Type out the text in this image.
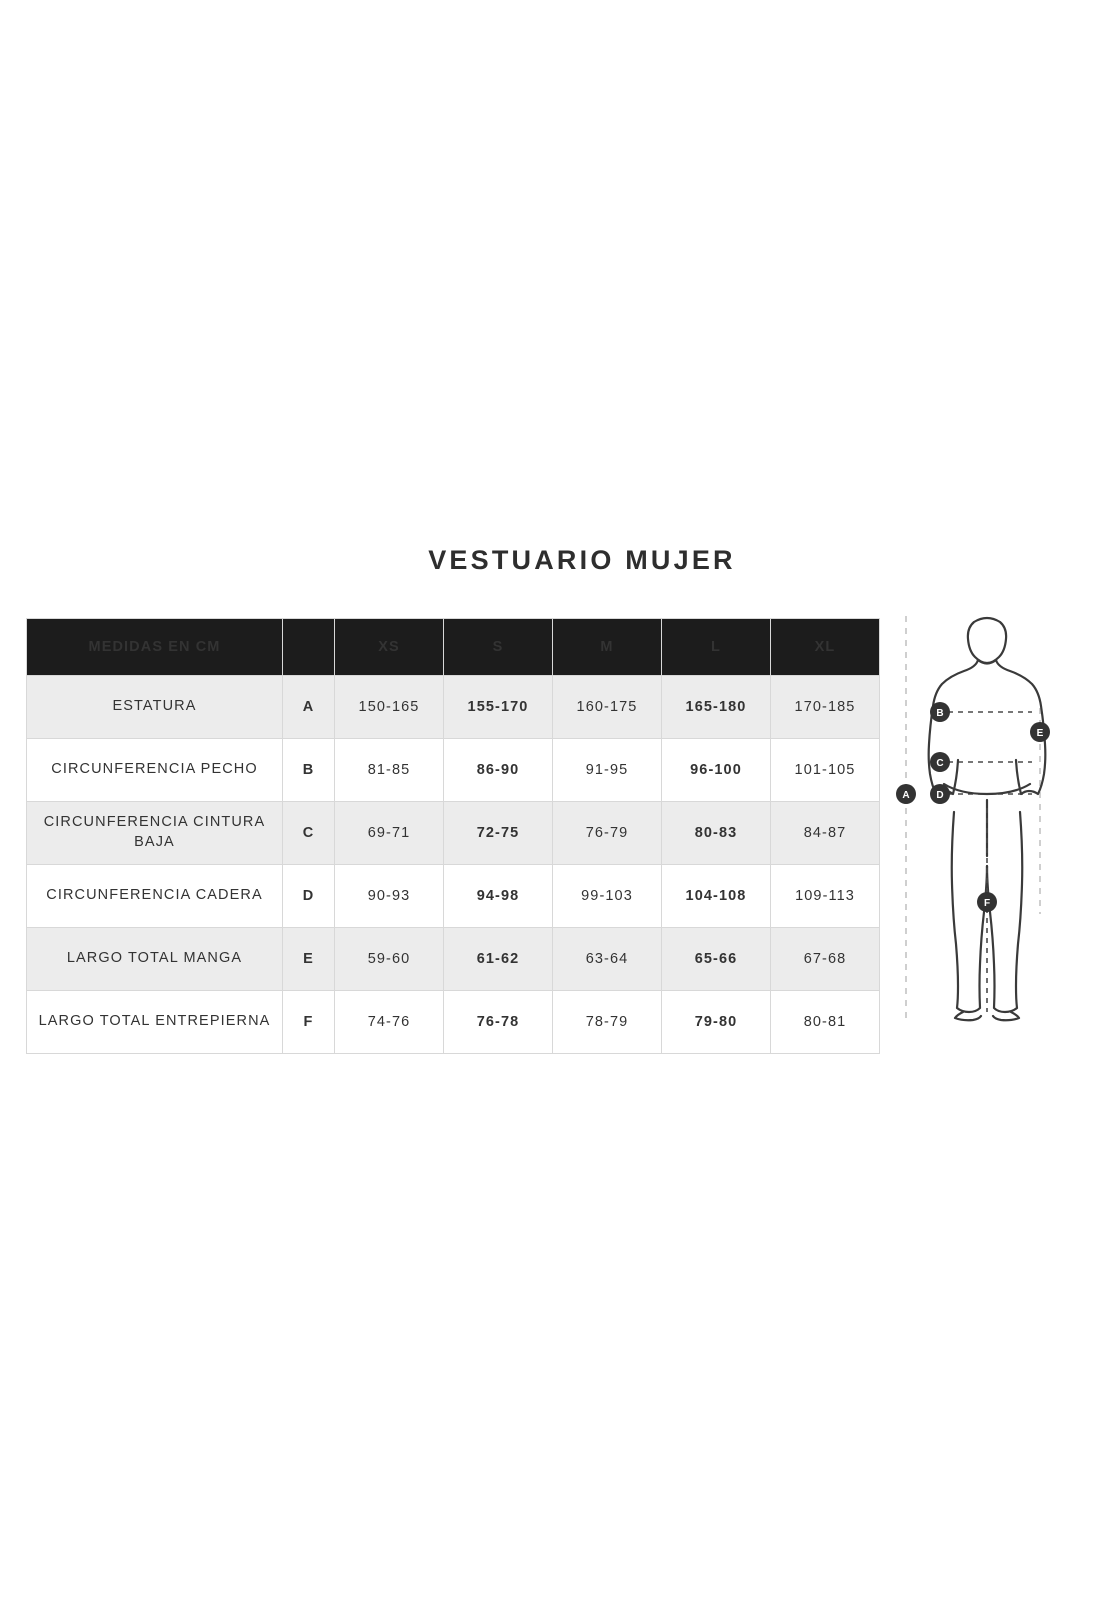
VESTUARIO MUJER
MEDIDAS EN CM		XS	S	M	L	XL
ESTATURA	A	150-165	155-170	160-175	165-180	170-185
CIRCUNFERENCIA PECHO	B	81-85	86-90	91-95	96-100	101-105
CIRCUNFERENCIA CINTURA BAJA	C	69-71	72-75	76-79	80-83	84-87
CIRCUNFERENCIA CADERA	D	90-93	94-98	99-103	104-108	109-113
LARGO TOTAL MANGA	E	59-60	61-62	63-64	65-66	67-68
LARGO TOTAL ENTREPIERNA	F	74-76	76-78	78-79	79-80	80-81
A
B
C
D
E
F
